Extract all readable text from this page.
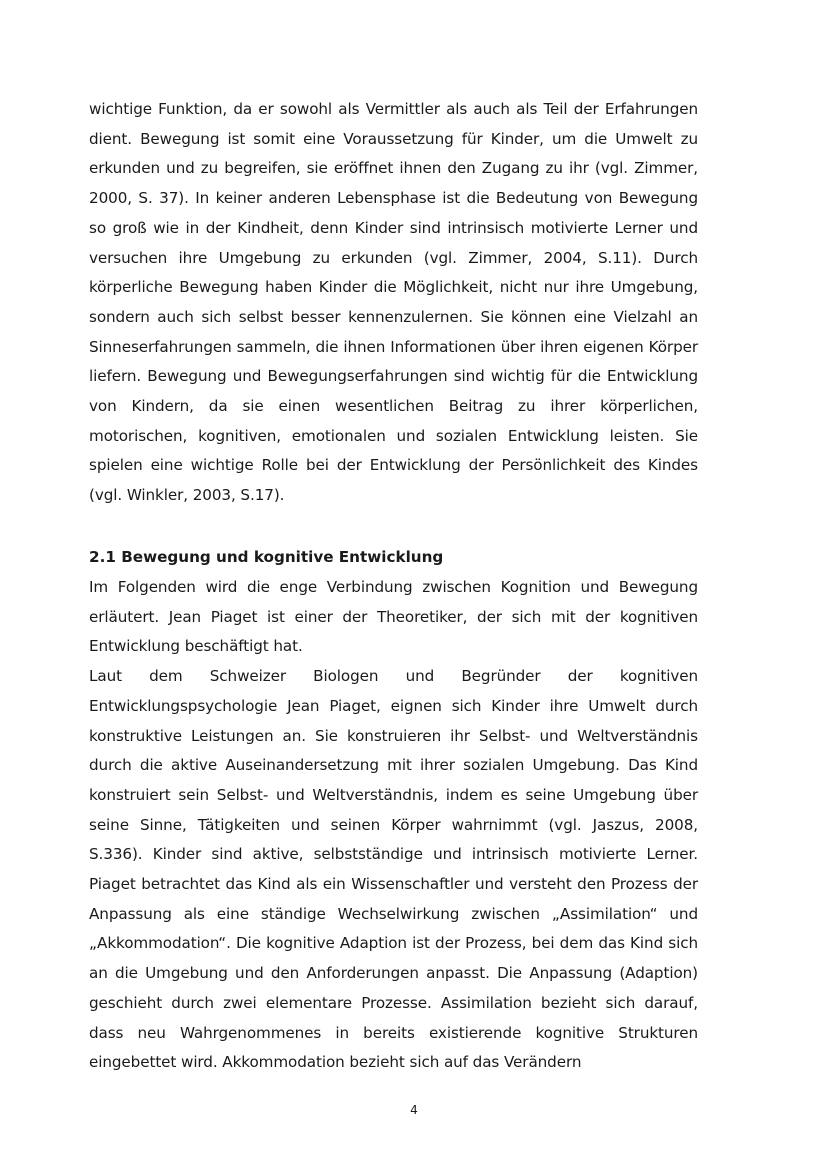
wichtige Funktion, da er sowohl als Vermittler als auch als Teil der Erfahrungen dient. Bewegung ist somit eine Voraussetzung für Kinder, um die Umwelt zu erkunden und zu begreifen, sie eröffnet ihnen den Zugang zu ihr (vgl. Zimmer, 2000, S. 37). In keiner anderen Lebensphase ist die Bedeutung von Bewegung so groß wie in der Kindheit, denn Kinder sind intrinsisch motivierte Lerner und versuchen ihre Umgebung zu erkunden (vgl. Zimmer, 2004, S.11). Durch körperliche Bewegung haben Kinder die Möglichkeit, nicht nur ihre Umgebung, sondern auch sich selbst besser kennenzulernen. Sie können eine Vielzahl an Sinneserfahrungen sammeln, die ihnen Informationen über ihren eigenen Körper liefern. Bewegung und Bewegungserfahrungen sind wichtig für die Entwicklung von Kindern, da sie einen wesentlichen Beitrag zu ihrer körperlichen, motorischen, kognitiven, emotionalen und sozialen Entwicklung leisten. Sie spielen eine wichtige Rolle bei der Entwicklung der Persönlichkeit des Kindes (vgl. Winkler, 2003, S.17).

2.1 Bewegung und kognitive Entwicklung

Im Folgenden wird die enge Verbindung zwischen Kognition und Bewegung erläutert. Jean Piaget ist einer der Theoretiker, der sich mit der kognitiven Entwicklung beschäftigt hat.

Laut dem Schweizer Biologen und Begründer der kognitiven Entwicklungspsychologie Jean Piaget, eignen sich Kinder ihre Umwelt durch konstruktive Leistungen an. Sie konstruieren ihr Selbst- und Weltverständnis durch die aktive Auseinandersetzung mit ihrer sozialen Umgebung. Das Kind konstruiert sein Selbst- und Weltverständnis, indem es seine Umgebung über seine Sinne, Tätigkeiten und seinen Körper wahrnimmt (vgl. Jaszus, 2008, S.336). Kinder sind aktive, selbstständige und intrinsisch motivierte Lerner. Piaget betrachtet das Kind als ein Wissenschaftler und versteht den Prozess der Anpassung als eine ständige Wechselwirkung zwischen „Assimilation“ und „Akkommodation“. Die kognitive Adaption ist der Prozess, bei dem das Kind sich an die Umgebung und den Anforderungen anpasst. Die Anpassung (Adaption) geschieht durch zwei elementare Prozesse. Assimilation bezieht sich darauf, dass neu Wahrgenommenes in bereits existierende kognitive Strukturen eingebettet wird. Akkommodation bezieht sich auf das Verändern

4
